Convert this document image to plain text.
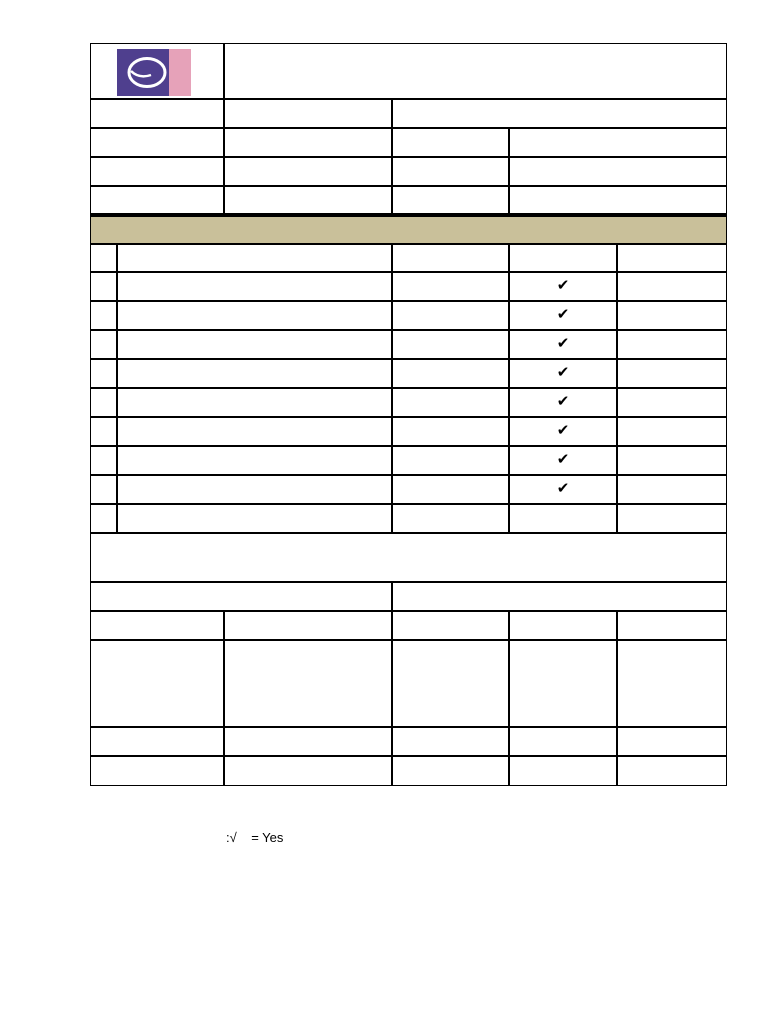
✔
✔
✔
✔
✔
✔
✔
✔
:√ = Yes
